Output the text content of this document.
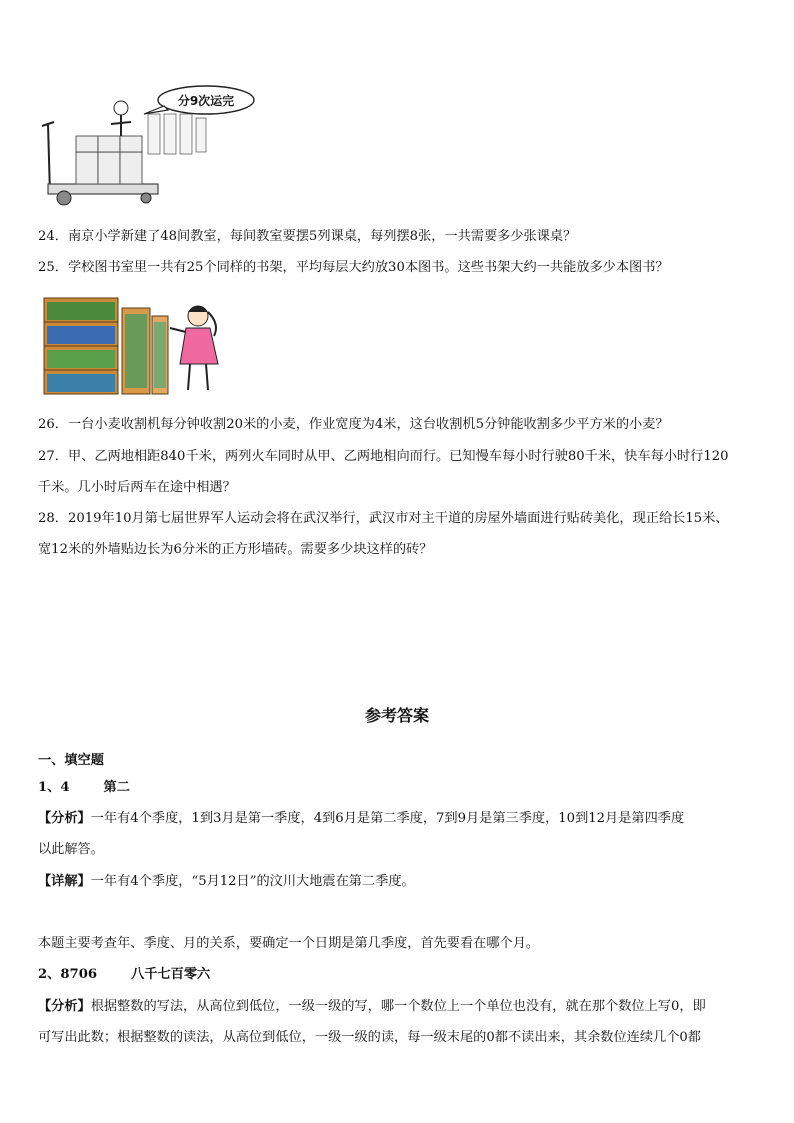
分9次运完
24．南京小学新建了48间教室，每间教室要摆5列课桌，每列摆8张，一共需要多少张课桌？
25．学校图书室里一共有25个同样的书架，平均每层大约放30本图书。这些书架大约一共能放多少本图书？
26．一台小麦收割机每分钟收割20米的小麦，作业宽度为4米，这台收割机5分钟能收割多少平方米的小麦？
27．甲、乙两地相距840千米，两列火车同时从甲、乙两地相向而行。已知慢车每小时行驶80千米，快车每小时行120
千米。几小时后两车在途中相遇？
28．2019年10月第七届世界军人运动会将在武汉举行，武汉市对主干道的房屋外墙面进行贴砖美化，现正给长15米、
宽12米的外墙贴边长为6分米的正方形墙砖。需要多少块这样的砖？
参考答案
一、填空题
1、4	第二
【分析】一年有4个季度，1到3月是第一季度，4到6月是第二季度，7到9月是第三季度，10到12月是第四季度
以此解答。
【详解】一年有4个季度，“5月12日”的汶川大地震在第二季度。
本题主要考查年、季度、月的关系，要确定一个日期是第几季度，首先要看在哪个月。
2、8706	八千七百零六
【分析】根据整数的写法，从高位到低位，一级一级的写，哪一个数位上一个单位也没有，就在那个数位上写0，即
可写出此数；根据整数的读法，从高位到低位，一级一级的读，每一级末尾的0都不读出来，其余数位连续几个0都
